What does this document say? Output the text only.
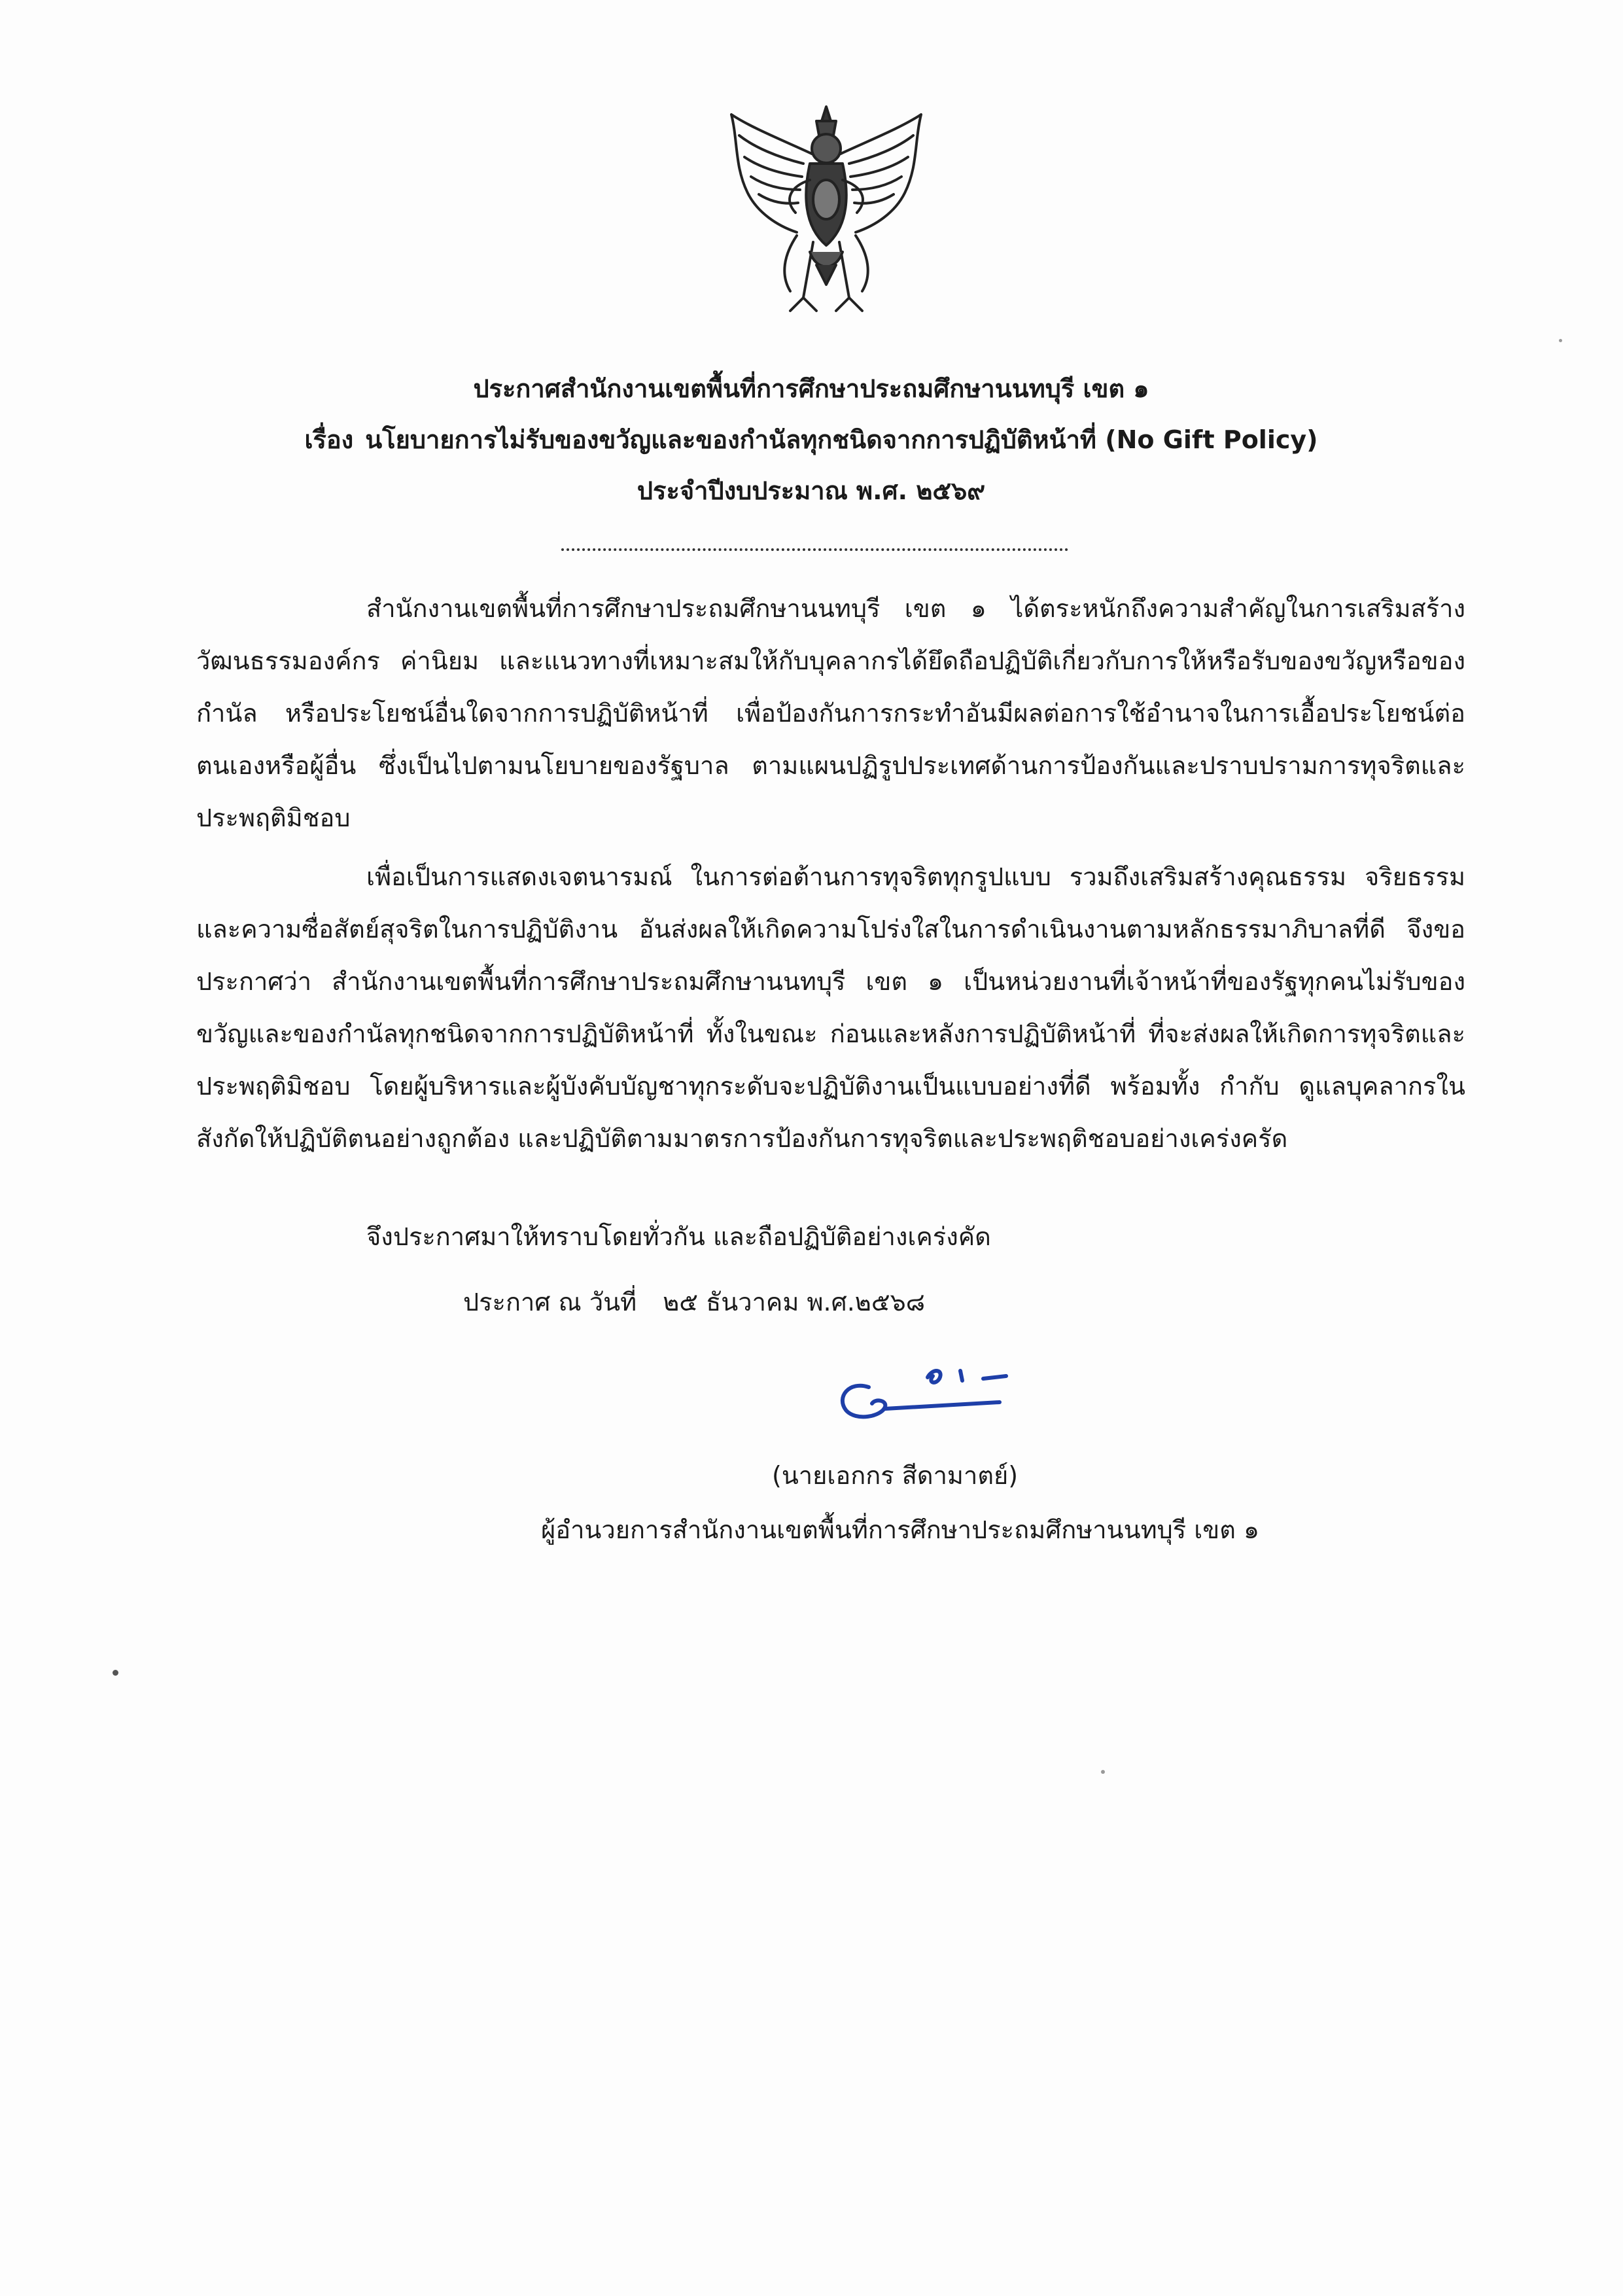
ประกาศสำนักงานเขตพื้นที่การศึกษาประถมศึกษานนทบุรี เขต ๑
เรื่อง นโยบายการไม่รับของขวัญและของกำนัลทุกชนิดจากการปฏิบัติหน้าที่ (No Gift Policy)
ประจำปีงบประมาณ พ.ศ. ๒๕๖๙
สำนักงานเขตพื้นที่การศึกษาประถมศึกษานนทบุรี เขต ๑ ได้ตระหนักถึงความสำคัญในการเสริมสร้างวัฒนธรรมองค์กร ค่านิยม และแนวทางที่เหมาะสมให้กับบุคลากรได้ยึดถือปฏิบัติเกี่ยวกับการให้หรือรับของขวัญหรือของกำนัล หรือประโยชน์อื่นใดจากการปฏิบัติหน้าที่ เพื่อป้องกันการกระทำอันมีผลต่อการใช้อำนาจในการเอื้อประโยชน์ต่อตนเองหรือผู้อื่น ซึ่งเป็นไปตามนโยบายของรัฐบาล ตามแผนปฏิรูปประเทศด้านการป้องกันและปราบปรามการทุจริตและประพฤติมิชอบ
เพื่อเป็นการแสดงเจตนารมณ์ ในการต่อต้านการทุจริตทุกรูปแบบ รวมถึงเสริมสร้างคุณธรรม จริยธรรม และความซื่อสัตย์สุจริตในการปฏิบัติงาน อันส่งผลให้เกิดความโปร่งใสในการดำเนินงานตามหลักธรรมาภิบาลที่ดี จึงขอประกาศว่า สำนักงานเขตพื้นที่การศึกษาประถมศึกษานนทบุรี เขต ๑ เป็นหน่วยงานที่เจ้าหน้าที่ของรัฐทุกคนไม่รับของขวัญและของกำนัลทุกชนิดจากการปฏิบัติหน้าที่ ทั้งในขณะ ก่อนและหลังการปฏิบัติหน้าที่ ที่จะส่งผลให้เกิดการทุจริตและประพฤติมิชอบ โดยผู้บริหารและผู้บังคับบัญชาทุกระดับจะปฏิบัติงานเป็นแบบอย่างที่ดี พร้อมทั้ง กำกับ ดูแลบุคลากรในสังกัดให้ปฏิบัติตนอย่างถูกต้อง และปฏิบัติตามมาตรการป้องกันการทุจริตและประพฤติชอบอย่างเคร่งครัด
จึงประกาศมาให้ทราบโดยทั่วกัน และถือปฏิบัติอย่างเคร่งคัด
ประกาศ ณ วันที่ ๒๕ ธันวาคม พ.ศ.๒๕๖๘
(นายเอกกร สีดามาตย์)
ผู้อำนวยการสำนักงานเขตพื้นที่การศึกษาประถมศึกษานนทบุรี เขต ๑
